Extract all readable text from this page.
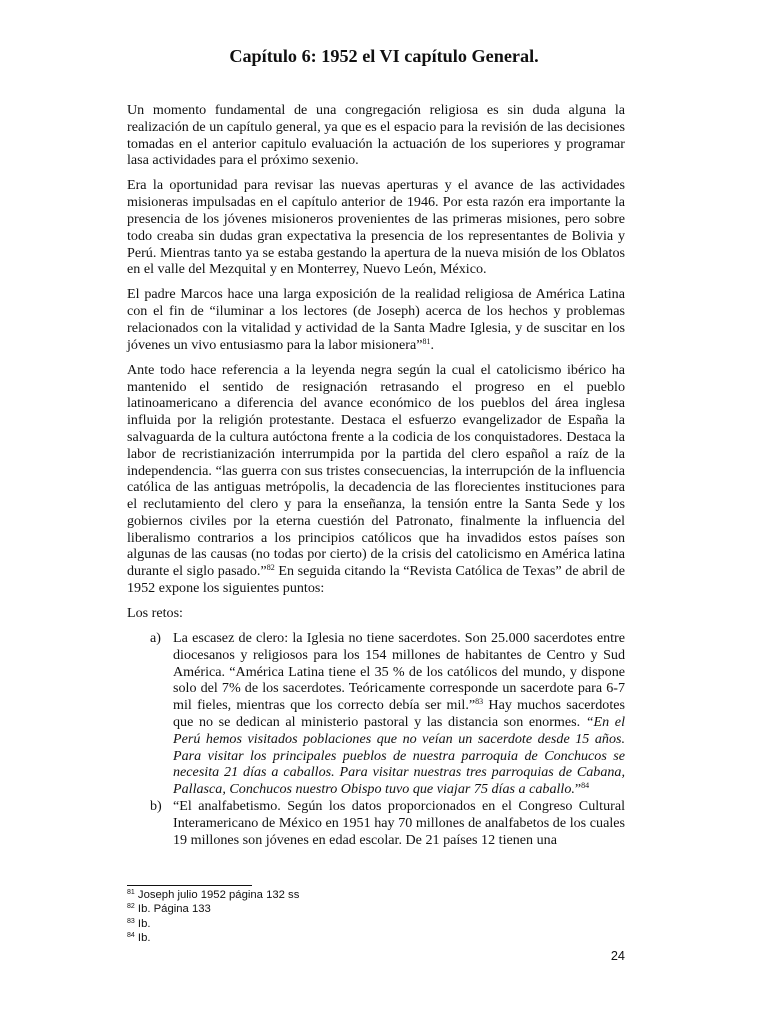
Capítulo 6: 1952 el VI capítulo General.

Un momento fundamental de una congregación religiosa es sin duda alguna la realización de un capítulo general, ya que es el espacio para la revisión de las decisiones tomadas en el anterior capitulo evaluación la actuación de los superiores y programar lasa actividades para el próximo sexenio.

Era la oportunidad para revisar las nuevas aperturas y el avance de las actividades misioneras impulsadas en el capítulo anterior de 1946. Por esta razón era importante la presencia de los jóvenes misioneros provenientes de las primeras misiones, pero sobre todo creaba sin dudas gran expectativa la presencia de los representantes de Bolivia y Perú. Mientras tanto ya se estaba gestando la apertura de la nueva misión de los Oblatos en el valle del Mezquital y en Monterrey, Nuevo León, México.

El padre Marcos hace una larga exposición de la realidad religiosa de América Latina con el fin de “iluminar a los lectores (de Joseph) acerca de los hechos y problemas relacionados con la vitalidad y actividad de la Santa Madre Iglesia, y de suscitar en los jóvenes un vivo entusiasmo para la labor misionera”$^{81}$.

Ante todo hace referencia a la leyenda negra según la cual el catolicismo ibérico ha mantenido el sentido de resignación retrasando el progreso en el pueblo latinoamericano a diferencia del avance económico de los pueblos del área inglesa influida por la religión protestante. Destaca el esfuerzo evangelizador de España la salvaguarda de la cultura autóctona frente a la codicia de los conquistadores. Destaca la labor de recristianización interrumpida por la partida del clero español a raíz de la independencia. “las guerra con sus tristes consecuencias, la interrupción de la influencia católica de las antiguas metrópolis, la decadencia de las florecientes instituciones para el reclutamiento del clero y para la enseñanza, la tensión entre la Santa Sede y los gobiernos civiles por la eterna cuestión del Patronato, finalmente la influencia del liberalismo contrarios a los principios católicos que ha invadidos estos países son algunas de las causas (no todas por cierto) de la crisis del catolicismo en América latina durante el siglo pasado.”$^{82}$ En seguida citando la “Revista Católica de Texas” de abril de 1952 expone los siguientes puntos:

Los retos:

a) La escasez de clero: la Iglesia no tiene sacerdotes. Son 25.000 sacerdotes entre diocesanos y religiosos para los 154 millones de habitantes de Centro y Sud América. “América Latina tiene el 35 % de los católicos del mundo, y dispone solo del 7% de los sacerdotes. Teóricamente corresponde un sacerdote para 6-7 mil fieles, mientras que los correcto debía ser mil.”$^{83}$ Hay muchos sacerdotes que no se dedican al ministerio pastoral y las distancia son enormes. “En el Perú hemos visitados poblaciones que no veían un sacerdote desde 15 años. Para visitar los principales pueblos de nuestra parroquia de Conchucos se necesita 21 días a caballos. Para visitar nuestras tres parroquias de Cabana, Pallasca, Conchucos nuestro Obispo tuvo que viajar 75 días a caballo.”$^{84}$
b) “El analfabetismo. Según los datos proporcionados en el Congreso Cultural Interamericano de México en 1951 hay 70 millones de analfabetos de los cuales 19 millones son jóvenes en edad escolar. De 21 países 12 tienen una
$^{81}$ Joseph julio 1952 página 132 ss
$^{82}$ Ib. Página 133
$^{83}$ Ib.
$^{84}$ Ib.
24
